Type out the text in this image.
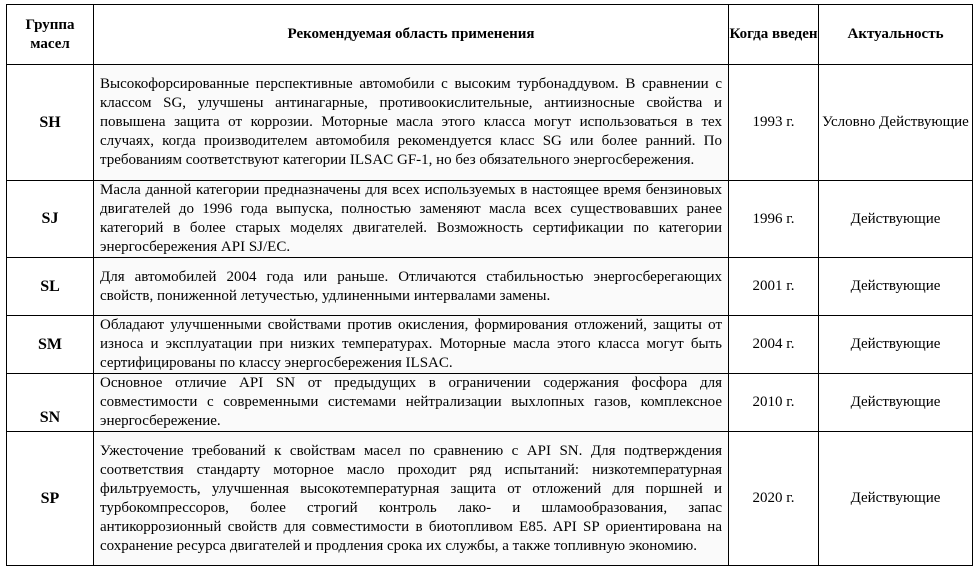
Группа масел	Рекомендуемая область применения	Когда введен	Актуальность
SH	Высокофорсированные перспективные автомобили с высоким турбонаддувом. В сравнении с классом SG, улучшены антинагарные, противоокислительные, антиизносные свойства и повышена защита от коррозии. Моторные масла этого класса могут использоваться в тех случаях, когда производителем автомобиля рекомендуется класс SG или более ранний. По требованиям соответствуют категории ILSAC GF-1, но без обязательного энергосбережения.	1993 г.	Условно Действующие
SJ	Масла данной категории предназначены для всех используемых в настоящее время бензиновых двигателей до 1996 года выпуска, полностью заменяют масла всех существовавших ранее категорий в более старых моделях двигателей. Возможность сертификации по категории энергосбережения API SJ/EC.	1996 г.	Действующие
SL	Для автомобилей 2004 года или раньше. Отличаются стабильностью энергосберегающих свойств, пониженной летучестью, удлиненными интервалами замены.	2001 г.	Действующие
SM	Обладают улучшенными свойствами против окисления, формирования отложений, защиты от износа и эксплуатации при низких температурах. Моторные масла этого класса могут быть сертифицированы по классу энергосбережения ILSAC.	2004 г.	Действующие
SN	Основное отличие API SN от предыдущих в ограничении содержания фосфора для совместимости с современными системами нейтрализации выхлопных газов, комплексное энергосбережение.	2010 г.	Действующие
SP	Ужесточение требований к свойствам масел по сравнению с API SN. Для подтверждения соответствия стандарту моторное масло проходит ряд испытаний: низкотемпературная фильтруемость, улучшенная высокотемпературная защита от отложений для поршней и турбокомпрессоров, более строгий контроль лако- и шламообразования, запас антикоррозионный свойств для совместимости в биотопливом E85. API SP ориентирована на сохранение ресурса двигателей и продления срока их службы, а также топливную экономию.	2020 г.	Действующие
